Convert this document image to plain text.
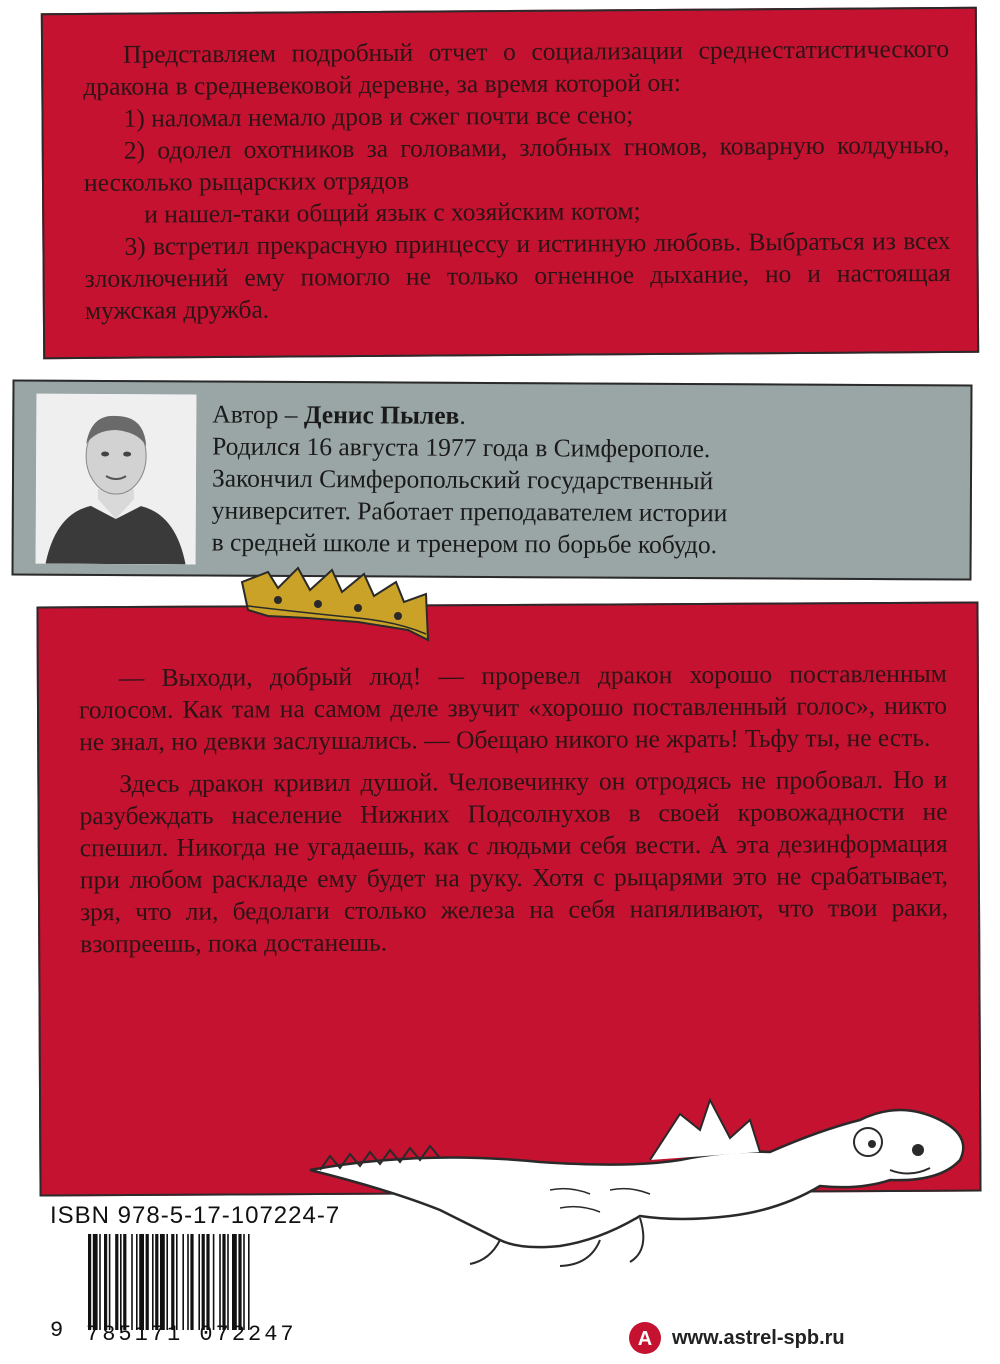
Представляем подробный отчет о социализации среднестатистического дракона в средневековой деревне, за время которой он:
1) наломал немало дров и сжег почти все сено;
2) одолел охотников за головами, злобных гномов, коварную колдунью, несколько рыцарских отрядов
и нашел-таки общий язык с хозяйским котом;
3) встретил прекрасную принцессу и истинную любовь. Выбраться из всех злоключений ему помогло не только огненное дыхание, но и настоящая мужская дружба.
Автор – Денис Пылев.
Родился 16 августа 1977 года в Симферополе.
Закончил Симферопольский государственный
университет. Работает преподавателем истории
в средней школе и тренером по борьбе кобудо.

— Выходи, добрый люд! — проревел дракон хорошо поставленным голосом. Как там на самом деле звучит «хорошо поставленный голос», никто не знал, но девки заслушались. — Обещаю никого не жрать! Тьфу ты, не есть.

Здесь дракон кривил душой. Человечинку он отродясь не пробовал. Но и разубеждать население Нижних Подсолнухов в своей кровожадности не спешил. Никогда не угадаешь, как с людьми себя вести. А эта дезинформация при любом раскладе ему будет на руку. Хотя с рыцарями это не срабатывает, зря, что ли, бедолаги столько железа на себя напяливают, что твои раки, взопреешь, пока достанешь.

ISBN 978-5-17-107224-7
9 785171 072247	А www.astrel-spb.ru
